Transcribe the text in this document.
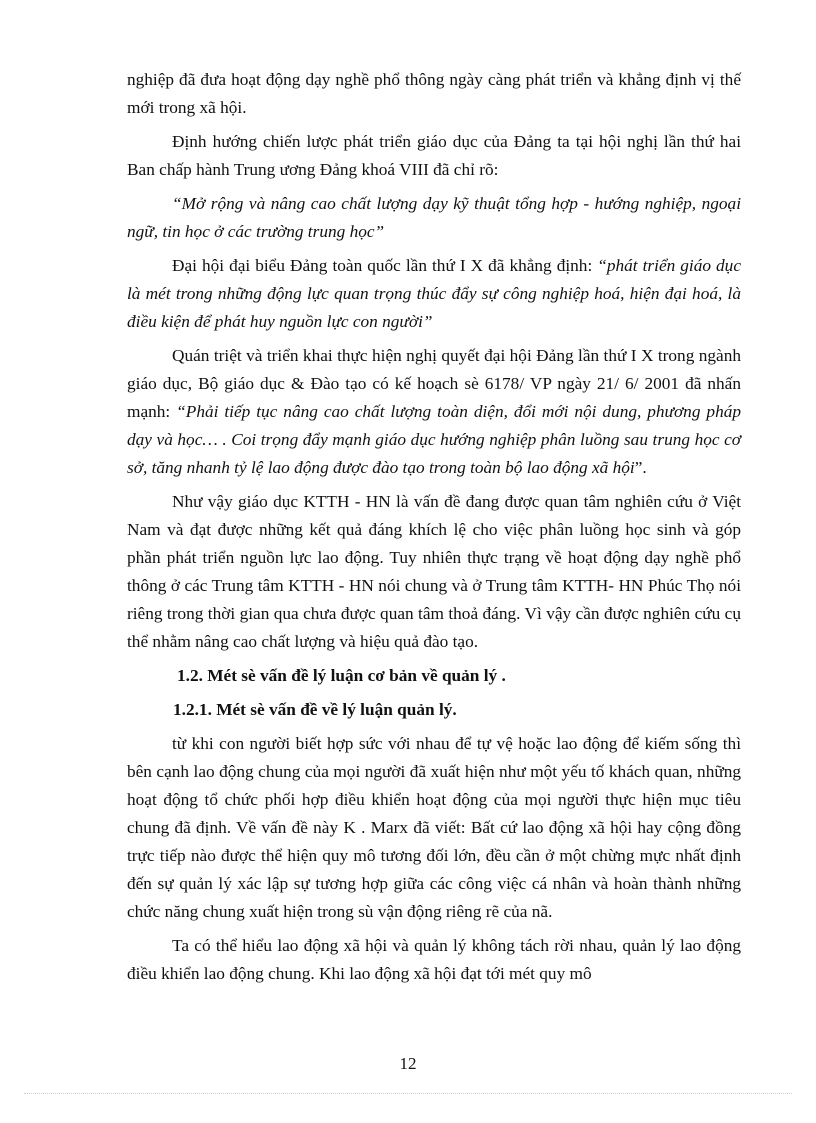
nghiệp đã đưa hoạt động dạy nghề phổ thông ngày càng phát triển và khẳng định vị thế mới trong xã hội.

Định hướng chiến lược phát triển giáo dục của Đảng ta tại hội nghị lần thứ hai Ban chấp hành Trung ương Đảng khoá VIII đã chỉ rõ:

“Mở rộng và nâng cao chất lượng dạy kỹ thuật tổng hợp - hướng nghiệp, ngoại ngữ, tin học ở các trường trung học”

Đại hội đại biểu Đảng toàn quốc lần thứ I X đã khẳng định: “phát triển giáo dục là mét trong những động lực quan trọng thúc đẩy sự công nghiệp hoá, hiện đại hoá, là điều kiện để phát huy nguồn lực con người”

Quán triệt và triển khai thực hiện nghị quyết đại hội Đảng lần thứ I X trong ngành giáo dục, Bộ giáo dục & Đào tạo có kế hoạch sè 6178/ VP ngày 21/ 6/ 2001 đã nhấn mạnh: “Phải tiếp tục nâng cao chất lượng toàn diện, đổi mới nội dung, phương pháp dạy và học… . Coi trọng đẩy mạnh giáo dục hướng nghiệp phân luồng sau trung học cơ sở, tăng nhanh tỷ lệ lao động được đào tạo trong toàn bộ lao động xã hội”.

Như vậy giáo dục KTTH - HN là vấn đề đang được quan tâm nghiên cứu ở Việt Nam và đạt được những kết quả đáng khích lệ cho việc phân luồng học sinh và góp phần phát triển nguồn lực lao động. Tuy nhiên thực trạng về hoạt động dạy nghề phổ thông ở các Trung tâm KTTH - HN nói chung và ở Trung tâm KTTH- HN Phúc Thọ nói riêng trong thời gian qua chưa được quan tâm thoả đáng. Vì vậy cần được nghiên cứu cụ thể nhằm nâng cao chất lượng và hiệu quả đào tạo.

1.2. Mét sè vấn đề lý luận cơ bản về quản lý .

1.2.1. Mét sè vấn đề về lý luận quản lý.

từ khi con người biết hợp sức với nhau để tự vệ hoặc lao động để kiếm sống thì bên cạnh lao động chung của mọi người đã xuất hiện như một yếu tố khách quan, những hoạt động tổ chức phối hợp điều khiển hoạt động của mọi người thực hiện mục tiêu chung đã định. Về vấn đề này K . Marx đã viết: Bất cứ lao động xã hội hay cộng đồng trực tiếp nào được thể hiện quy mô tương đối lớn, đều cần ở một chừng mực nhất định đến sự quản lý xác lập sự tương hợp giữa các công việc cá nhân và hoàn thành những chức năng chung xuất hiện trong sù vận động riêng rẽ của nã.

Ta có thể hiểu lao động xã hội và quản lý không tách rời nhau, quản lý lao động điều khiển lao động chung. Khi lao động xã hội đạt tới mét quy mô

12
